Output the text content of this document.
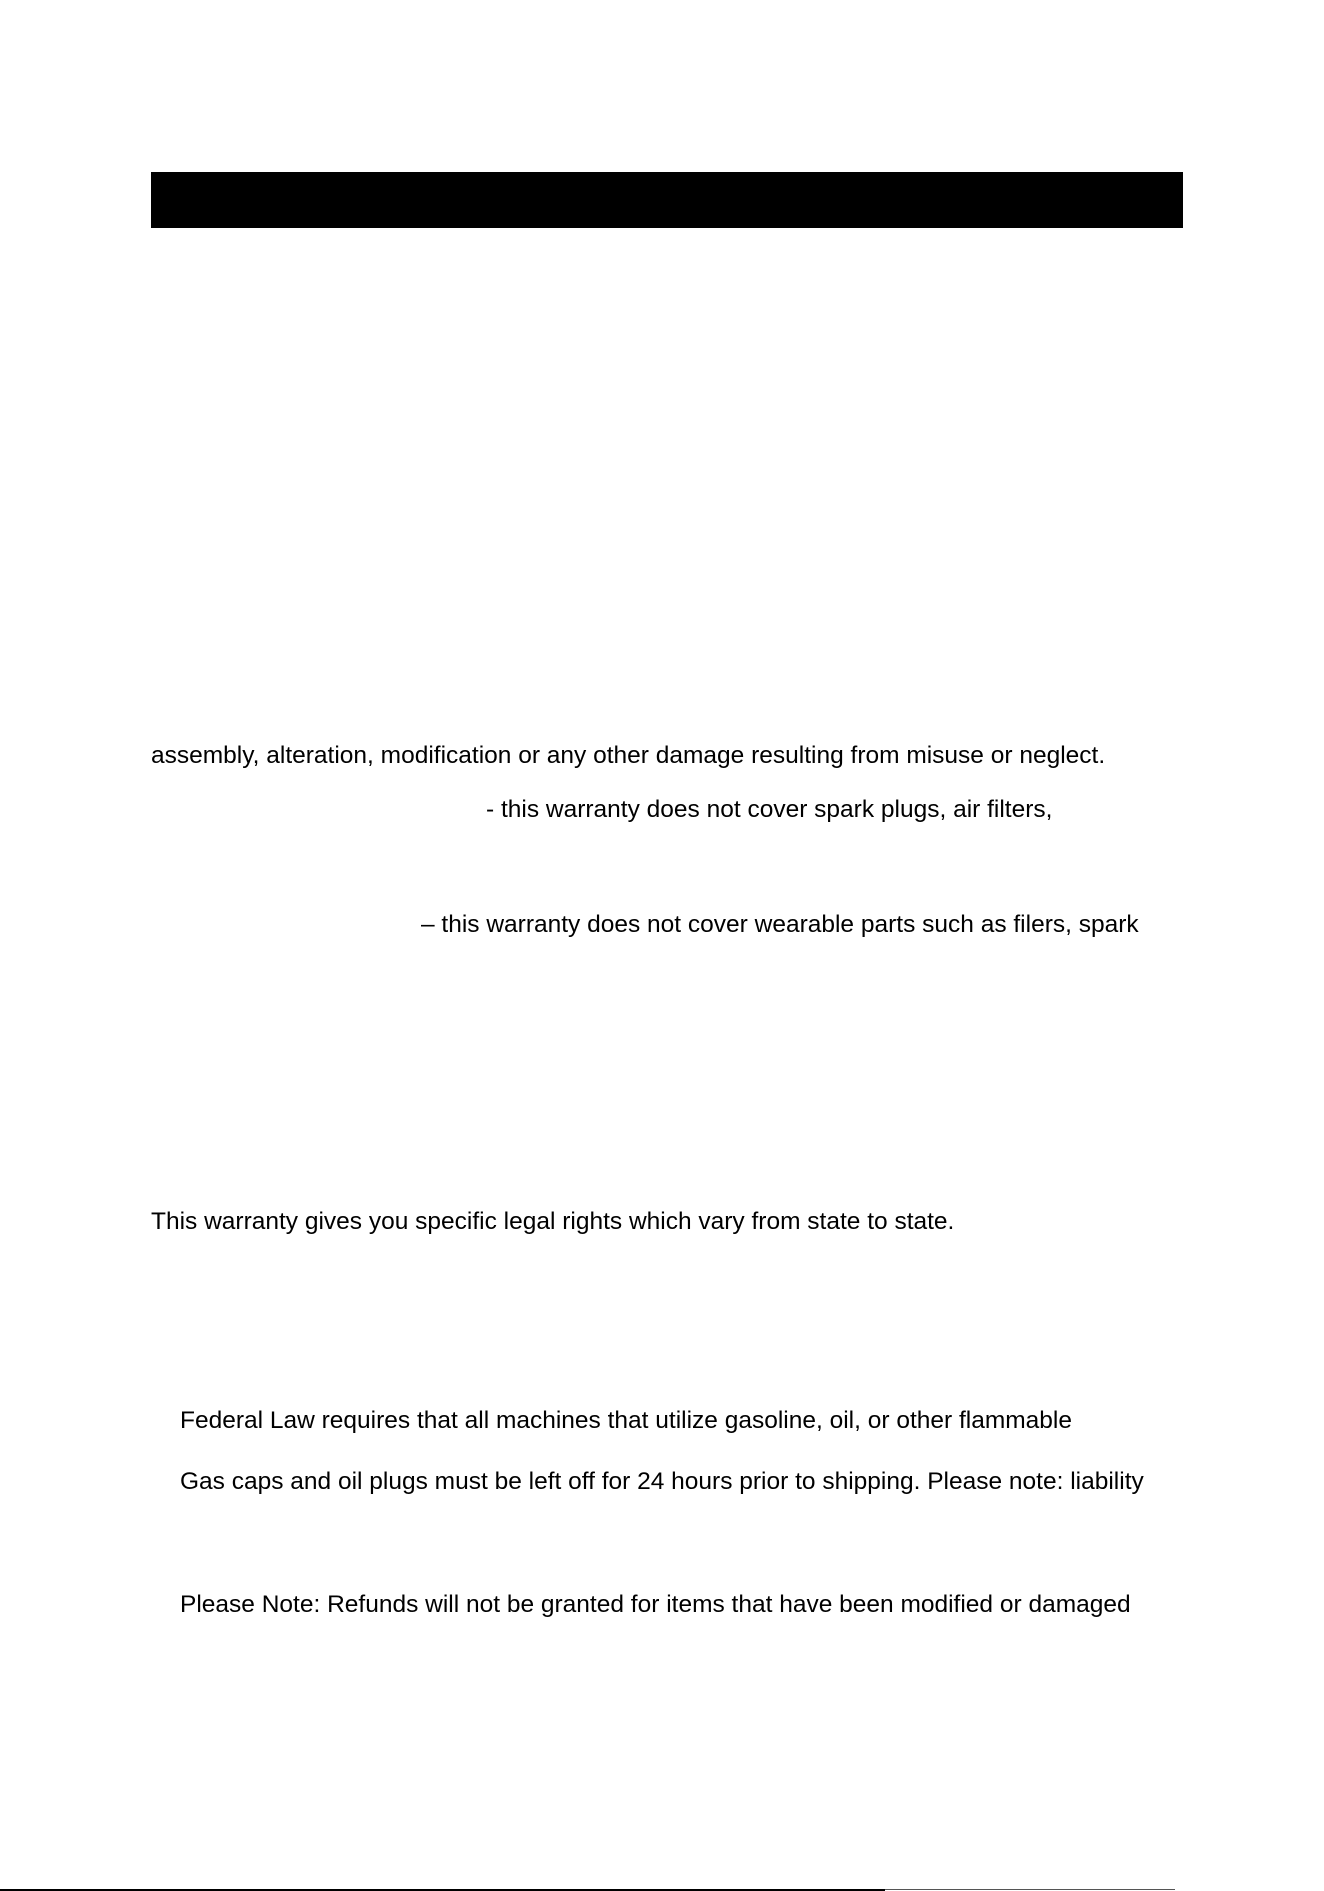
assembly, alteration, modification or any other damage resulting from misuse or neglect.
- this warranty does not cover spark plugs, air filters,
– this warranty does not cover wearable parts such as filers, spark
This warranty gives you specific legal rights which vary from state to state.
Federal Law requires that all machines that utilize gasoline, oil, or other flammable
Gas caps and oil plugs must be left off for 24 hours prior to shipping. Please note: liability
Please Note: Refunds will not be granted for items that have been modified or damaged
